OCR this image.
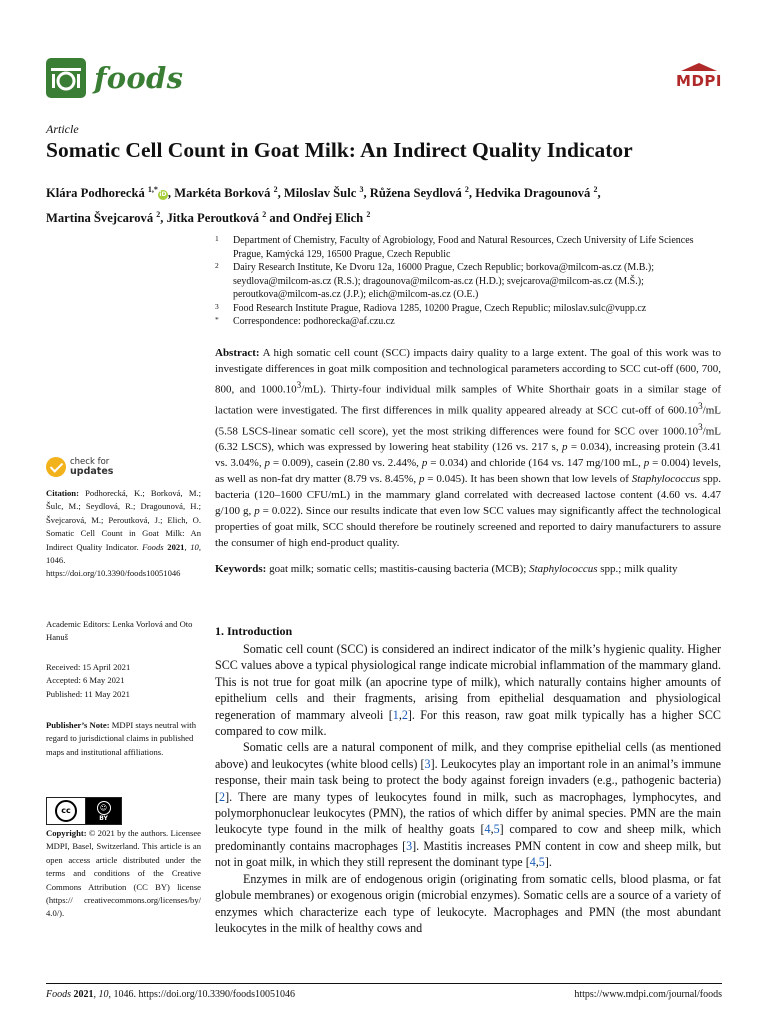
foods	MDPI
Article
Somatic Cell Count in Goat Milk: An Indirect Quality Indicator
Klára Podhorecká $^{1,*}$iD, Markéta Borková $^2$, Miloslav Šulc $^3$, Růžena Seydlová $^2$, Hedvika Dragounová $^2$,
Martina Švejcarová $^2$, Jitka Peroutková $^2$ and Ondřej Elich $^2$
1 Department of Chemistry, Faculty of Agrobiology, Food and Natural Resources, Czech University of Life Sciences Prague, Kamýcká 129, 16500 Prague, Czech Republic
2 Dairy Research Institute, Ke Dvoru 12a, 16000 Prague, Czech Republic; borkova@milcom-as.cz (M.B.); seydlova@milcom-as.cz (R.S.); dragounova@milcom-as.cz (H.D.); svejcarova@milcom-as.cz (M.Š.); peroutkova@milcom-as.cz (J.P.); elich@milcom-as.cz (O.E.)
3 Food Research Institute Prague, Radiova 1285, 10200 Prague, Czech Republic; miloslav.sulc@vupp.cz
* Correspondence: podhorecka@af.czu.cz
Abstract: A high somatic cell count (SCC) impacts dairy quality to a large extent. The goal of this work was to investigate differences in goat milk composition and technological parameters according to SCC cut-off (600, 700, 800, and 1000.10$^3$/mL). Thirty-four individual milk samples of White Shorthair goats in a similar stage of lactation were investigated. The first differences in milk quality appeared already at SCC cut-off of 600.10$^3$/mL (5.58 LSCS-linear somatic cell score), yet the most striking differences were found for SCC over 1000.10$^3$/mL (6.32 LSCS), which was expressed by lowering heat stability (126 vs. 217 s, p = 0.034), increasing protein (3.41 vs. 3.04%, p = 0.009), casein (2.80 vs. 2.44%, p = 0.034) and chloride (164 vs. 147 mg/100 mL, p = 0.004) levels, as well as non-fat dry matter (8.79 vs. 8.45%, p = 0.045). It has been shown that low levels of Staphylococcus spp. bacteria (120–1600 CFU/mL) in the mammary gland correlated with decreased lactose content (4.60 vs. 4.47 g/100 g, p = 0.022). Since our results indicate that even low SCC values may significantly affect the technological properties of goat milk, SCC should therefore be routinely screened and reported to dairy manufacturers to assure the consumer of high end-product quality.
Keywords: goat milk; somatic cells; mastitis-causing bacteria (MCB); Staphylococcus spp.; milk quality
check for
updates
Citation: Podhorecká, K.; Borková, M.; Šulc, M.; Seydlová, R.; Dragounová, H.; Švejcarová, M.; Peroutková, J.; Elich, O. Somatic Cell Count in Goat Milk: An Indirect Quality Indicator. Foods 2021, 10, 1046. https://doi.org/10.3390/foods10051046
Academic Editors: Lenka Vorlová and Oto Hanuš
Received: 15 April 2021
Accepted: 6 May 2021
Published: 11 May 2021
Publisher’s Note: MDPI stays neutral with regard to jurisdictional claims in published maps and institutional affiliations.
cc	☺
BY
Copyright: © 2021 by the authors. Licensee MDPI, Basel, Switzerland. This article is an open access article distributed under the terms and conditions of the Creative Commons Attribution (CC BY) license (https:// creativecommons.org/licenses/by/ 4.0/).
1. Introduction

Somatic cell count (SCC) is considered an indirect indicator of the milk’s hygienic quality. Higher SCC values above a typical physiological range indicate microbial inflammation of the mammary gland. This is not true for goat milk (an apocrine type of milk), which naturally contains higher amounts of epithelium cells and their fragments, arising from epithelial desquamation and physiological regeneration of mammary alveoli [1,2]. For this reason, raw goat milk typically has a higher SCC compared to cow milk.

Somatic cells are a natural component of milk, and they comprise epithelial cells (as mentioned above) and leukocytes (white blood cells) [3]. Leukocytes play an important role in an animal’s immune response, their main task being to protect the body against foreign invaders (e.g., pathogenic bacteria) [2]. There are many types of leukocytes found in milk, such as macrophages, lymphocytes, and polymorphonuclear leukocytes (PMN), the ratios of which differ by animal species. PMN are the main leukocyte type found in the milk of healthy goats [4,5] compared to cow and sheep milk, which predominantly contains macrophages [3]. Mastitis increases PMN content in cow and sheep milk, but not in goat milk, in which they still represent the dominant type [4,5].

Enzymes in milk are of endogenous origin (originating from somatic cells, blood plasma, or fat globule membranes) or exogenous origin (microbial enzymes). Somatic cells are a source of a variety of enzymes which characterize each type of leukocyte. Macrophages and PMN (the most abundant leukocytes in the milk of healthy cows and

Foods 2021, 10, 1046. https://doi.org/10.3390/foods10051046	https://www.mdpi.com/journal/foods
